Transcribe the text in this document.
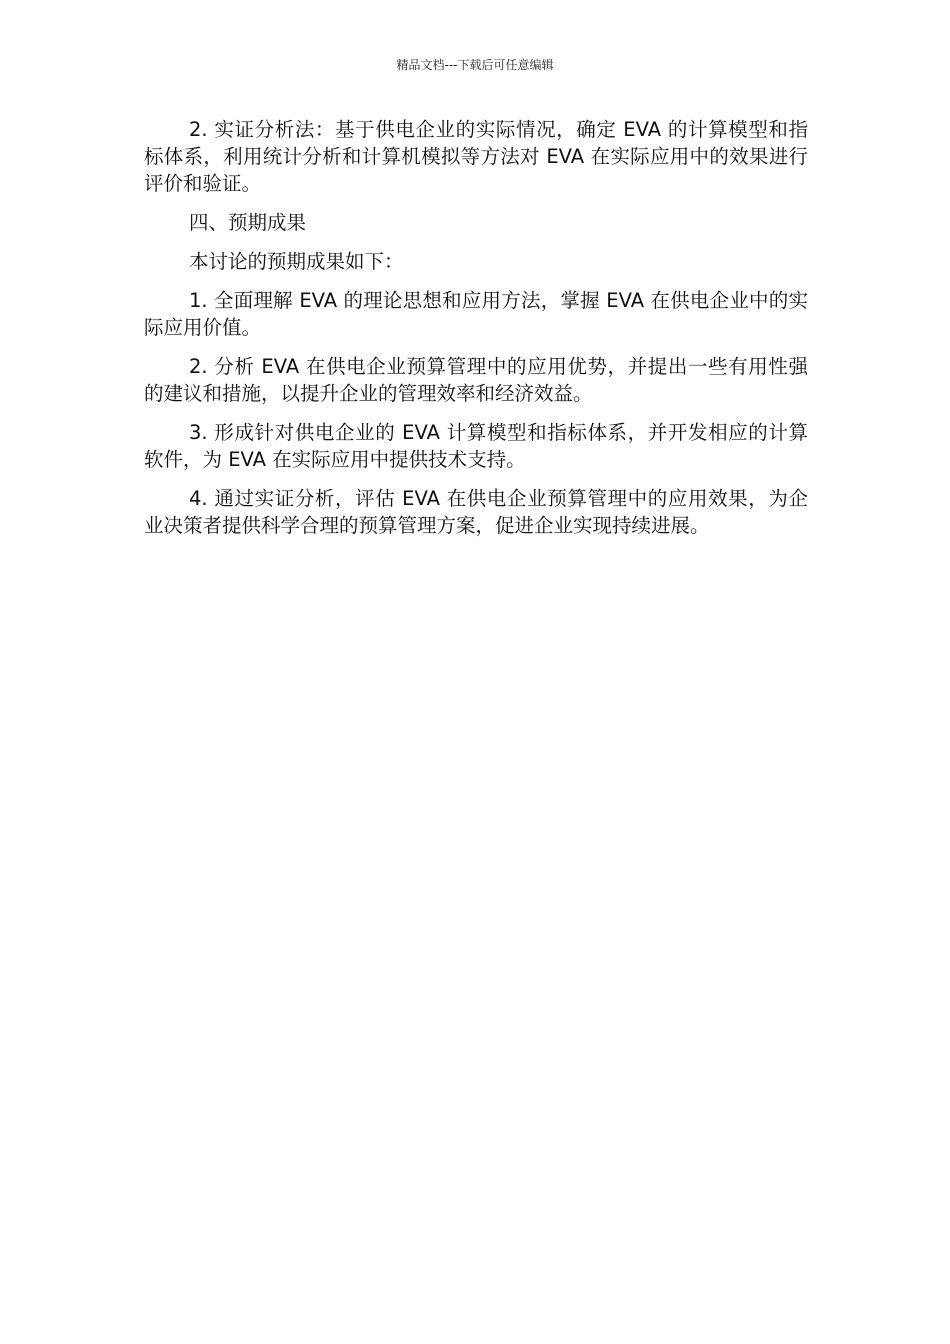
精品文档---下载后可任意编辑

2. 实证分析法：基于供电企业的实际情况，确定 EVA 的计算模型和指标体系，利用统计分析和计算机模拟等方法对 EVA 在实际应用中的效果进行评价和验证。

四、预期成果

本讨论的预期成果如下：

1. 全面理解 EVA 的理论思想和应用方法，掌握 EVA 在供电企业中的实际应用价值。

2. 分析 EVA 在供电企业预算管理中的应用优势，并提出一些有用性强的建议和措施，以提升企业的管理效率和经济效益。

3. 形成针对供电企业的 EVA 计算模型和指标体系，并开发相应的计算软件，为 EVA 在实际应用中提供技术支持。

4. 通过实证分析，评估 EVA 在供电企业预算管理中的应用效果，为企业决策者提供科学合理的预算管理方案，促进企业实现持续进展。
